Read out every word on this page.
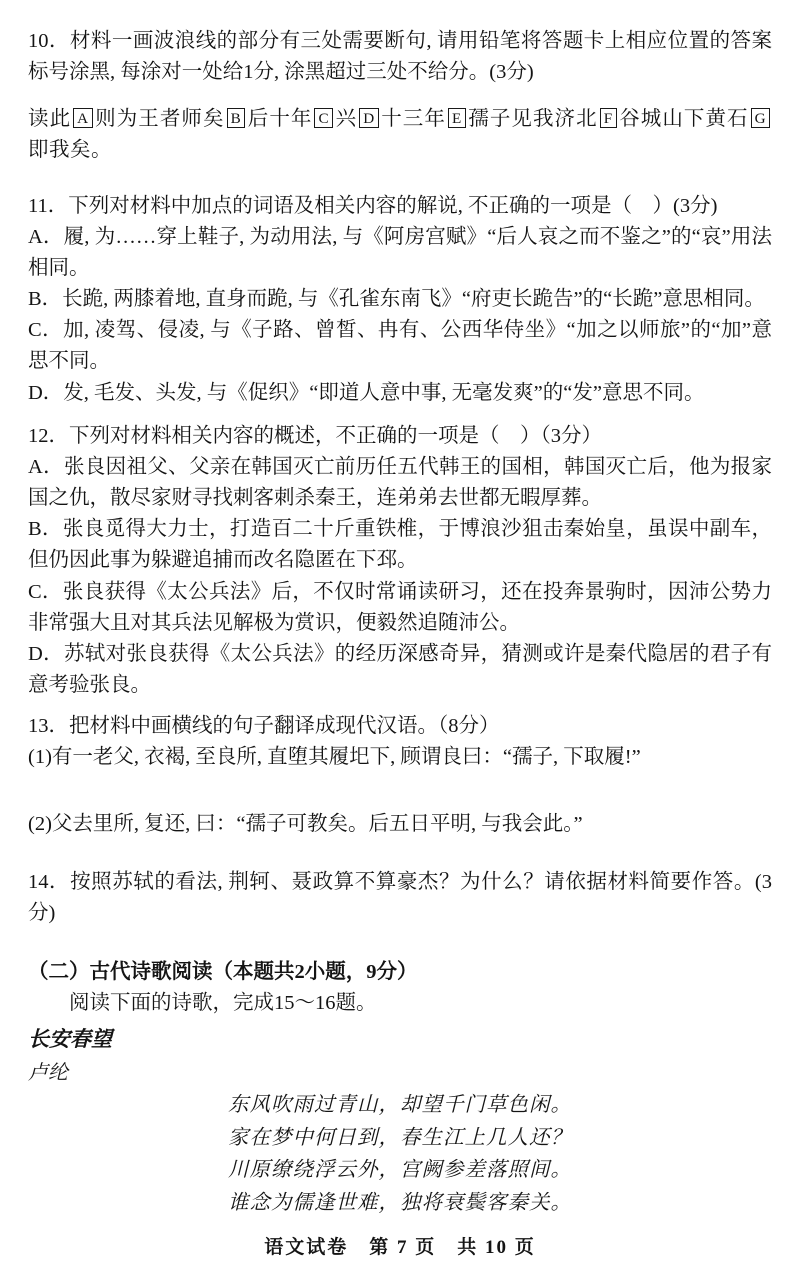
10．材料一画波浪线的部分有三处需要断句, 请用铅笔将答题卡上相应位置的答案标号涂黑, 每涂对一处给1分, 涂黑超过三处不给分。(3分)

读此 A 则为王者师矣 B 后十年 C 兴 D 十三年 E 孺子见我济北 F 谷城山下黄石 G即我矣。

11．下列对材料中加点的词语及相关内容的解说, 不正确的一项是（　）(3分)

A．履, 为……穿上鞋子, 为动用法, 与《阿房宫赋》“后人哀之而不鉴之”的“哀”用法相同。

B．长跪, 两膝着地, 直身而跪, 与《孔雀东南飞》“府吏长跪告”的“长跪”意思相同。

C．加, 凌驾、侵凌, 与《子路、曾皙、冉有、公西华侍坐》“加之以师旅”的“加”意思不同。

D．发, 毛发、头发, 与《促织》“即道人意中事, 无毫发爽”的“发”意思不同。

12．下列对材料相关内容的概述，不正确的一项是（　）（3分）

A．张良因祖父、父亲在韩国灭亡前历任五代韩王的国相，韩国灭亡后，他为报家国之仇，散尽家财寻找刺客刺杀秦王，连弟弟去世都无暇厚葬。

B．张良觅得大力士，打造百二十斤重铁椎，于博浪沙狙击秦始皇，虽误中副车，但仍因此事为躲避追捕而改名隐匿在下邳。

C．张良获得《太公兵法》后，不仅时常诵读研习，还在投奔景驹时，因沛公势力非常强大且对其兵法见解极为赏识，便毅然追随沛公。

D．苏轼对张良获得《太公兵法》的经历深感奇异，猜测或许是秦代隐居的君子有意考验张良。

13．把材料中画横线的句子翻译成现代汉语。（8分）

(1)有一老父, 衣褐, 至良所, 直堕其履圯下, 顾谓良曰：“孺子, 下取履!”

(2)父去里所, 复还, 曰：“孺子可教矣。后五日平明, 与我会此。”

14．按照苏轼的看法, 荆轲、聂政算不算豪杰？为什么？请依据材料简要作答。(3分)

（二）古代诗歌阅读（本题共2小题，9分）

阅读下面的诗歌，完成15～16题。

长安春望

卢纶

东风吹雨过青山，却望千门草色闲。

家在梦中何日到，春生江上几人还？

川原缭绕浮云外，宫阙参差落照间。

谁念为儒逢世难，独将衰鬓客秦关。

语文试卷　第 7 页　共 10 页
